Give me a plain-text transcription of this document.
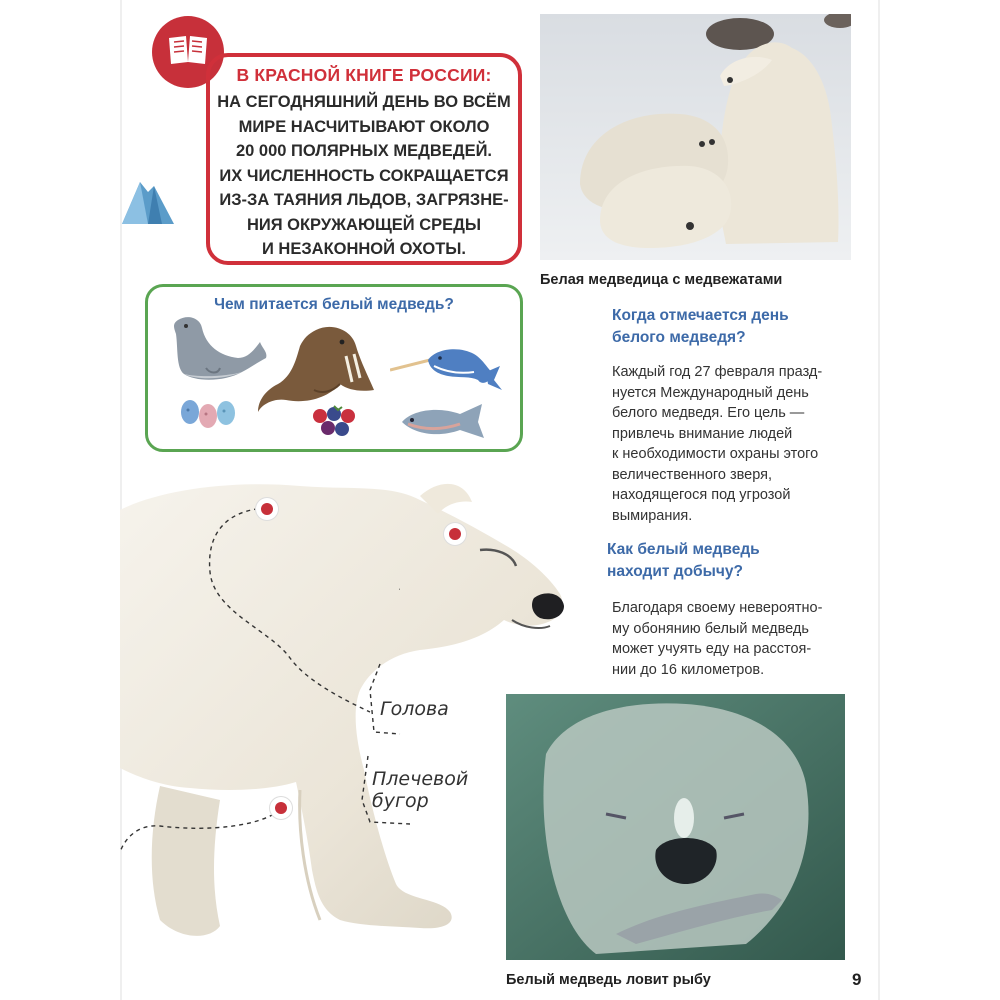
В КРАСНОЙ КНИГЕ РОССИИ:
НА СЕГОДНЯШНИЙ ДЕНЬ ВО ВСЁМ
МИРЕ НАСЧИТЫВАЮТ ОКОЛО
20 000 ПОЛЯРНЫХ МЕДВЕДЕЙ.
ИХ ЧИСЛЕННОСТЬ СОКРАЩАЕТСЯ
ИЗ-ЗА ТАЯНИЯ ЛЬДОВ, ЗАГРЯЗНЕ-
НИЯ ОКРУЖАЮЩЕЙ СРЕДЫ
И НЕЗАКОННОЙ ОХОТЫ.
Чем питается белый медведь?
Белая медведица с медвежатами
Когда отмечается день
белого медведя?
Каждый год 27 февраля празд-
нуется Международный день
белого медведя. Его цель —
привлечь внимание людей
к необходимости охраны этого
величественного зверя,
находящегося под угрозой
вымирания.
Как белый медведь
находит добычу?
Благодаря своему невероятно-
му обонянию белый медведь
может учуять еду на расстоя-
нии до 16 километров.
Голова
Плечевой
бугор
Белый медведь ловит рыбу	9
